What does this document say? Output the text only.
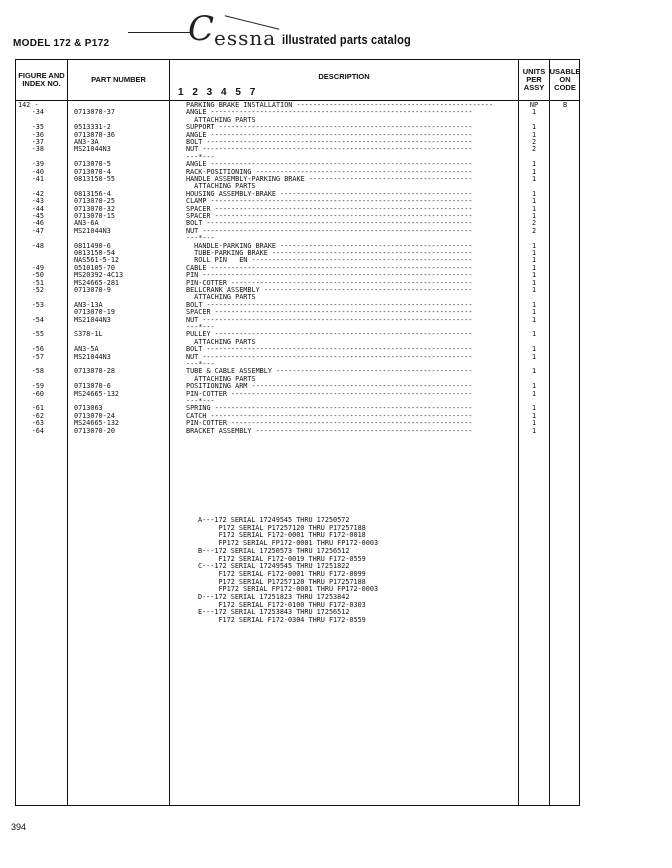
MODEL 172 & P172 C essna illustrated parts catalog
FIGURE AND INDEX NO.	PART NUMBER	DESCRIPTION
1 2 3 4 5 7
UNITS PER ASSY
USABLE ON CODE
142 -	PARKING BRAKE INSTALLATION ------------------------------------------------	NP	B
-34	0713070-37	ANGLE ----------------------------------------------------------------	1
ATTACHING PARTS
-35	0513331-2	SUPPORT --------------------------------------------------------------	1
-36	0713070-36	ANGLE ----------------------------------------------------------------	1
-37	AN3-3A	BOLT -----------------------------------------------------------------	2
-38	MS21044N3	NUT ------------------------------------------------------------------	2
---*---
-39	0713070-5	ANGLE ----------------------------------------------------------------	1
-40	0713070-4	RACK-POSITIONING -----------------------------------------------------	1
-41	0813150-55	HANDLE ASSEMBLY-PARKING BRAKE ----------------------------------------	1
ATTACHING PARTS
-42	0813156-4	HOUSING ASSEMBLY-BRAKE -----------------------------------------------	1
-43	0713070-25	CLAMP ----------------------------------------------------------------	1
-44	0713070-32	SPACER ---------------------------------------------------------------	1
-45	0713070-15	SPACER ---------------------------------------------------------------	1
-46	AN3-6A	BOLT -----------------------------------------------------------------	2
-47	MS21044N3	NUT ------------------------------------------------------------------	2
---*---
-48	0811490-6	HANDLE-PARKING BRAKE -----------------------------------------------	1
0813150-54	TUBE-PARKING BRAKE -------------------------------------------------	1
NAS561-5-12	ROLL PIN   EN ------------------------------------------------------	1
-49	0510105-70	CABLE ----------------------------------------------------------------	1
-50	MS20392-4C13	PIN ------------------------------------------------------------------	1
-51	MS24665-281	PIN-COTTER -----------------------------------------------------------	1
-52	0713070-9	BELLCRANK ASSEMBLY ---------------------------------------------------	1
ATTACHING PARTS
-53	AN3-13A	BOLT -----------------------------------------------------------------	1
0713070-19	SPACER ---------------------------------------------------------------	1
-54	MS21044N3	NUT ------------------------------------------------------------------	1
---*---
-55	S378-1L	PULLEY ---------------------------------------------------------------	1
ATTACHING PARTS
-56	AN3-5A	BOLT -----------------------------------------------------------------	1
-57	MS21044N3	NUT ------------------------------------------------------------------	1
---*---
-58	0713070-28	TUBE & CABLE ASSEMBLY ------------------------------------------------	1
ATTACHING PARTS
-59	0713070-6	POSITIONING ARM ------------------------------------------------------	1
-60	MS24665-132	PIN-COTTER -----------------------------------------------------------	1
---*---
-61	0713063	SPRING ---------------------------------------------------------------	1
-62	0713070-24	CATCH ----------------------------------------------------------------	1
-63	MS24665-132	PIN-COTTER -----------------------------------------------------------	1
-64	0713070-20	BRACKET ASSEMBLY -----------------------------------------------------	1
A---172 SERIAL 17249545 THRU 17250572
P172 SERIAL P17257120 THRU P17257188
F172 SERIAL F172-0001 THRU F172-0018
FP172 SERIAL FP172-0001 THRU FP172-0003
B---172 SERIAL 17250573 THRU 17256512
F172 SERIAL F172-0019 THRU F172-0559
C---172 SERIAL 17249545 THRU 17251822
F172 SERIAL F172-0001 THRU F172-0099
P172 SERIAL P17257120 THRU P17257188
FP172 SERIAL FP172-0001 THRU FP172-0003
D---172 SERIAL 17251823 THRU 17253842
F172 SERIAL F172-0100 THRU F172-0303
E---172 SERIAL 17253843 THRU 17256512
F172 SERIAL F172-0304 THRU F172-0559
394
